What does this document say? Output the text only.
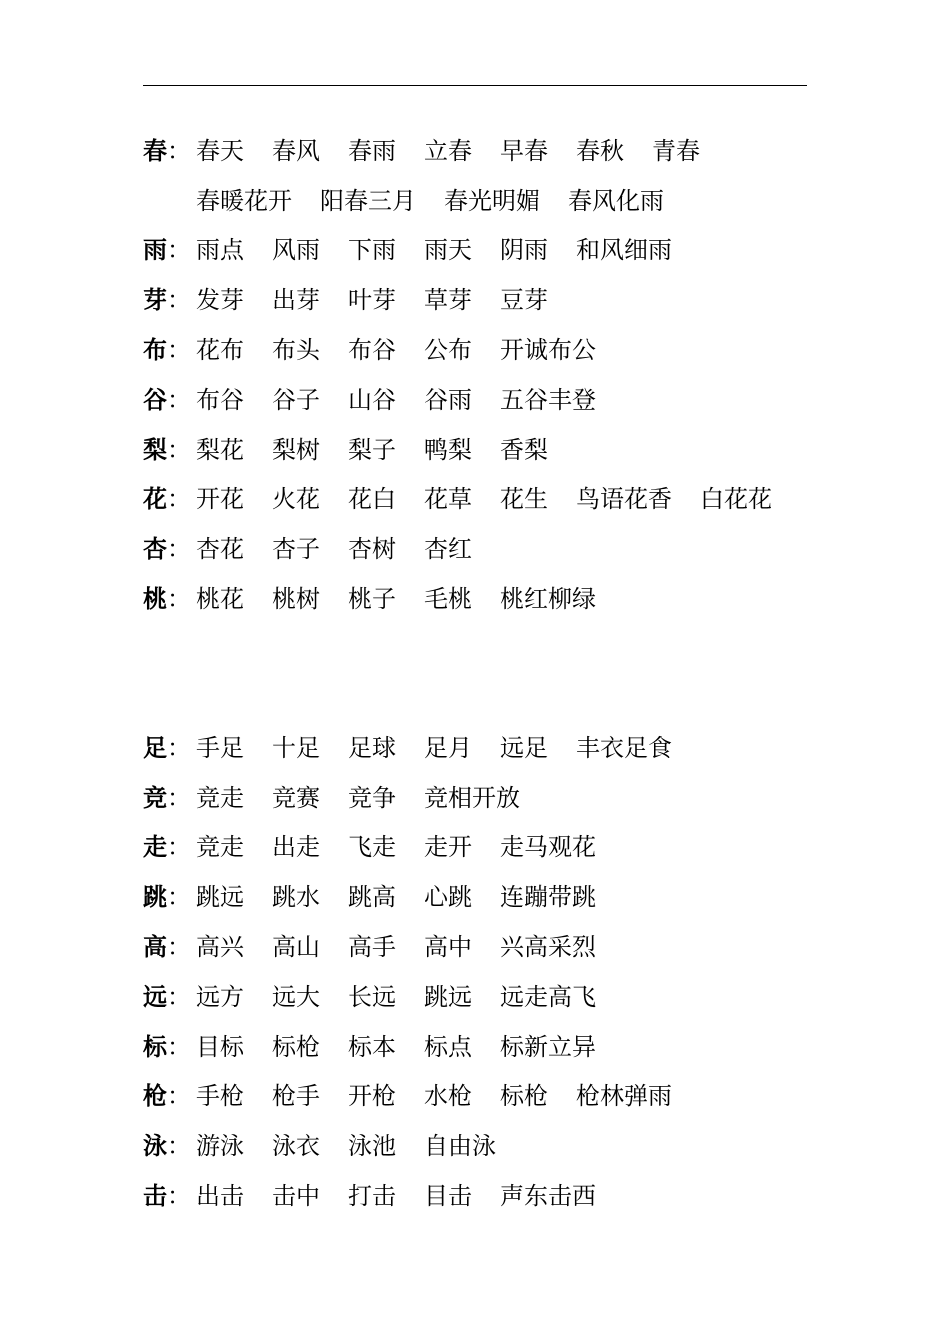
春： 春天 春风 春雨 立春 早春 春秋 青春
春暖花开 阳春三月 春光明媚 春风化雨
雨： 雨点 风雨 下雨 雨天 阴雨 和风细雨
芽： 发芽 出芽 叶芽 草芽 豆芽
布： 花布 布头 布谷 公布 开诚布公
谷： 布谷 谷子 山谷 谷雨 五谷丰登
梨： 梨花 梨树 梨子 鸭梨 香梨
花： 开花 火花 花白 花草 花生 鸟语花香 白花花
杏： 杏花 杏子 杏树 杏红
桃： 桃花 桃树 桃子 毛桃 桃红柳绿
足： 手足 十足 足球 足月 远足 丰衣足食
竞： 竞走 竞赛 竞争 竞相开放
走： 竞走 出走 飞走 走开 走马观花
跳： 跳远 跳水 跳高 心跳 连蹦带跳
高： 高兴 高山 高手 高中 兴高采烈
远： 远方 远大 长远 跳远 远走高飞
标： 目标 标枪 标本 标点 标新立异
枪： 手枪 枪手 开枪 水枪 标枪 枪林弹雨
泳： 游泳 泳衣 泳池 自由泳
击： 出击 击中 打击 目击 声东击西
